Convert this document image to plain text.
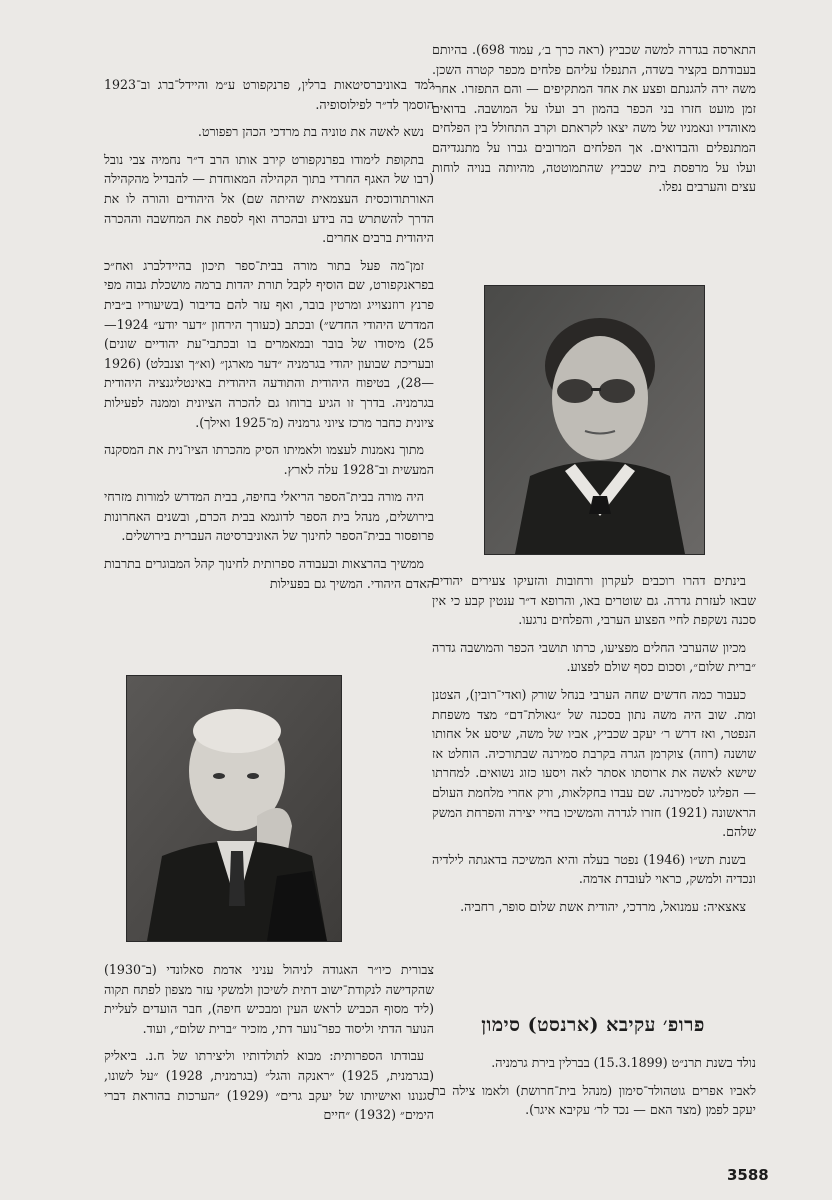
התארסה בגדרה למשה שכביץ (ראה כרך ב׳, עמוד 698). בהיותם בעבודתם בקציר בשדה, התנפלו עליהם פלחים מכפר קטרה השכן. משה ירה להגנתם ופצע את אחד המתקיפים — והם התפזרו. אחרי זמן מועט חזרו בני הכפר בהמון רב ועלו על המושבה. בדואים מאוהדיו ונאמניו של משה יצאו לקראתם וקרב התחולל בין הפלחים המתנפלים והבדואים. אך הפלחים המרובים גברו על מתנגדיהם ועלו על מרפסת בית שכביץ שהתמוטטה, מהיותה בנויה לוחות עצים והערבים נפלו.

בינתים דהרו רוכבים לעקרון ורחובות והזעיקו צעירים יהודים שבאו לעזרת גדרה. גם שוטרים באו, והרופא ד״ר ענטין קבע כי אין סכנה נשקפת לחיי הפצוע הערבי, והפלחים נרגעו.

מכיון שהערבי החלים מפציעו, כרתו תושבי הכפר והמושבה גדרה ״ברית שלום״, וסכום כסף שולם לפצוע.

כעבור כמה חדשים שחה הערבי בנחל שורק (ואדי־רובין), הצטנן ומת. שוב היה משה נתון בסכנה של ״גאולת־דם״ מצד משפחת הנפטר, ואז דרש ר׳ יעקב שכביץ, אביו של משה, שיסע אל אחותו שושנה (רוזה) צוקרמן הגרה בקרבת סמירנה שבתורכיה. הוחלט אז שישא לאשה את ארוסתו אסתר לאה ויסעו כזוג נשואים. למחרתו — הפליגו לסמירנה. שם עבדו בחקלאות, ורק אחרי מלחמת העולם הראשונה (1921) חזרו לגדרה והמשיכו בחיי יצירה והפרחת המשק שלהם.

בשנת תש״ו (1946) נפטר בעלה והיא המשיכה בדאגתה לילדיה ונכדיה ולמשק, כראוי לעובדת אדמה.

צאצאיה: עמנואל, מרדכי, יהודית אשת שלום סופר, רחביה.

פרופ׳ עקיבא (ארנסט) סימון

נולד בשנת תרנ״ט (15.3.1899) בברלין בירת גרמניה.

לאביו אפרים גוטהולד־סימון (מנהל בית־חרושת) ולאמו צילה בת יעקב לפמן (מצד האם — נכד לר׳ עקיבא איגר).

למד באוניברסיטאות ברלין, פרנקפורט ע״מ והיידל־ברג וב־1923 הוסמך לד״ר לפילוסופיה.

נשא לאשה את טוניה בת מרדכי הכהן רפפורט.

בתקופת לימודו בפרנקפורט קירב אותו הרב ד״ר נחמיה צבי נובל (רבו של האגף החרדי בתוך הקהילה המאוחדת — להבדיל מהקהילה האורתודוכסית העצמאית שהיתה שם) אל היהודים והורה לו את הדרך להשתרש בה בידע ובהכרה ואף לספת את המחשבה וההכרה היהודית ברבים אחרים.

זמן־מה פעל בתור מורה בבית־ספר תיכון בהיידלברג ואח״כ בפראנקפורט, שם הוסיף לקבל תורת יהדות ברמה מושכלת גבוה מפי פרנץ רוזנצוייג ומרטין בובר, ואף עזר להם בדיבור (בשיעוריו ב״בית המדרש היהודי החדש״) ובכתב (כעורך הירחון ״דער יודע״ 1924—25) מיסודו של בובר ובמאמרים בו ובכתבי־עת יהודיים שונים) ובעריכת שבועון יהודי בגרמניה ״דער מארגן״ (וא״ך וצנבלט) (1926—28), בטיפוח היהודית והתודעה היהודית באינטליגנציה היהודית בגרמניה. בדרך זו הגיע ברוחו גם להכרה הציונית וממנה לפעילות ציונית כחבר מרכז ציוני גרמניה (מ־1925 ואילך).

מתוך נאמנות לעצמו ולאמיתו הסיק מהכרתו הציו־נית את המסקנה המעשית וב־1928 עלה לארץ.

היה מורה בבית־הספר הריאלי בחיפה, בבית המדרש למורות מזרחי בירושלים, מנהל בית הספר לדוגמא בבית הכרם, ובשנים האחרונות פרופסור בבית־הספר לחינוך של האוניברסיטה העברית בירושלים.

ממשיך בהרצאות ובעבודה ספרותית לחינוך קהל המבוגרים בתרבות האדם היהודי. המשיך גם בפעילות

צבורית כיו״ר האגודה לניהול עניני אדמת סאלונדי (ב־1930) שהקדישה לנקודת־ישוב דתית לשיכון ולמשקי עזר מצפון לפתח תקוה (ליד מסוף הכביש לראש העין ומבכיש חיפה), חבר הועדים לעליית הנוער הדתי וליסוד כפר־נוער דתי, מזכיר ״ברית שלום״, ועוד.

עבודתו הספרותית: מבוא לתולדותיו וליצירתו של ח.נ. ביאליק (בגרמנית, 1925) ״ראנקה והגל״ (בגרמנית, 1928) ״על לשונו, סגנונו ואישיותו של יעקב גרים״ (1929) ״הערכות בהוראת דברי הימים״ (1932) ״חיים

3588
